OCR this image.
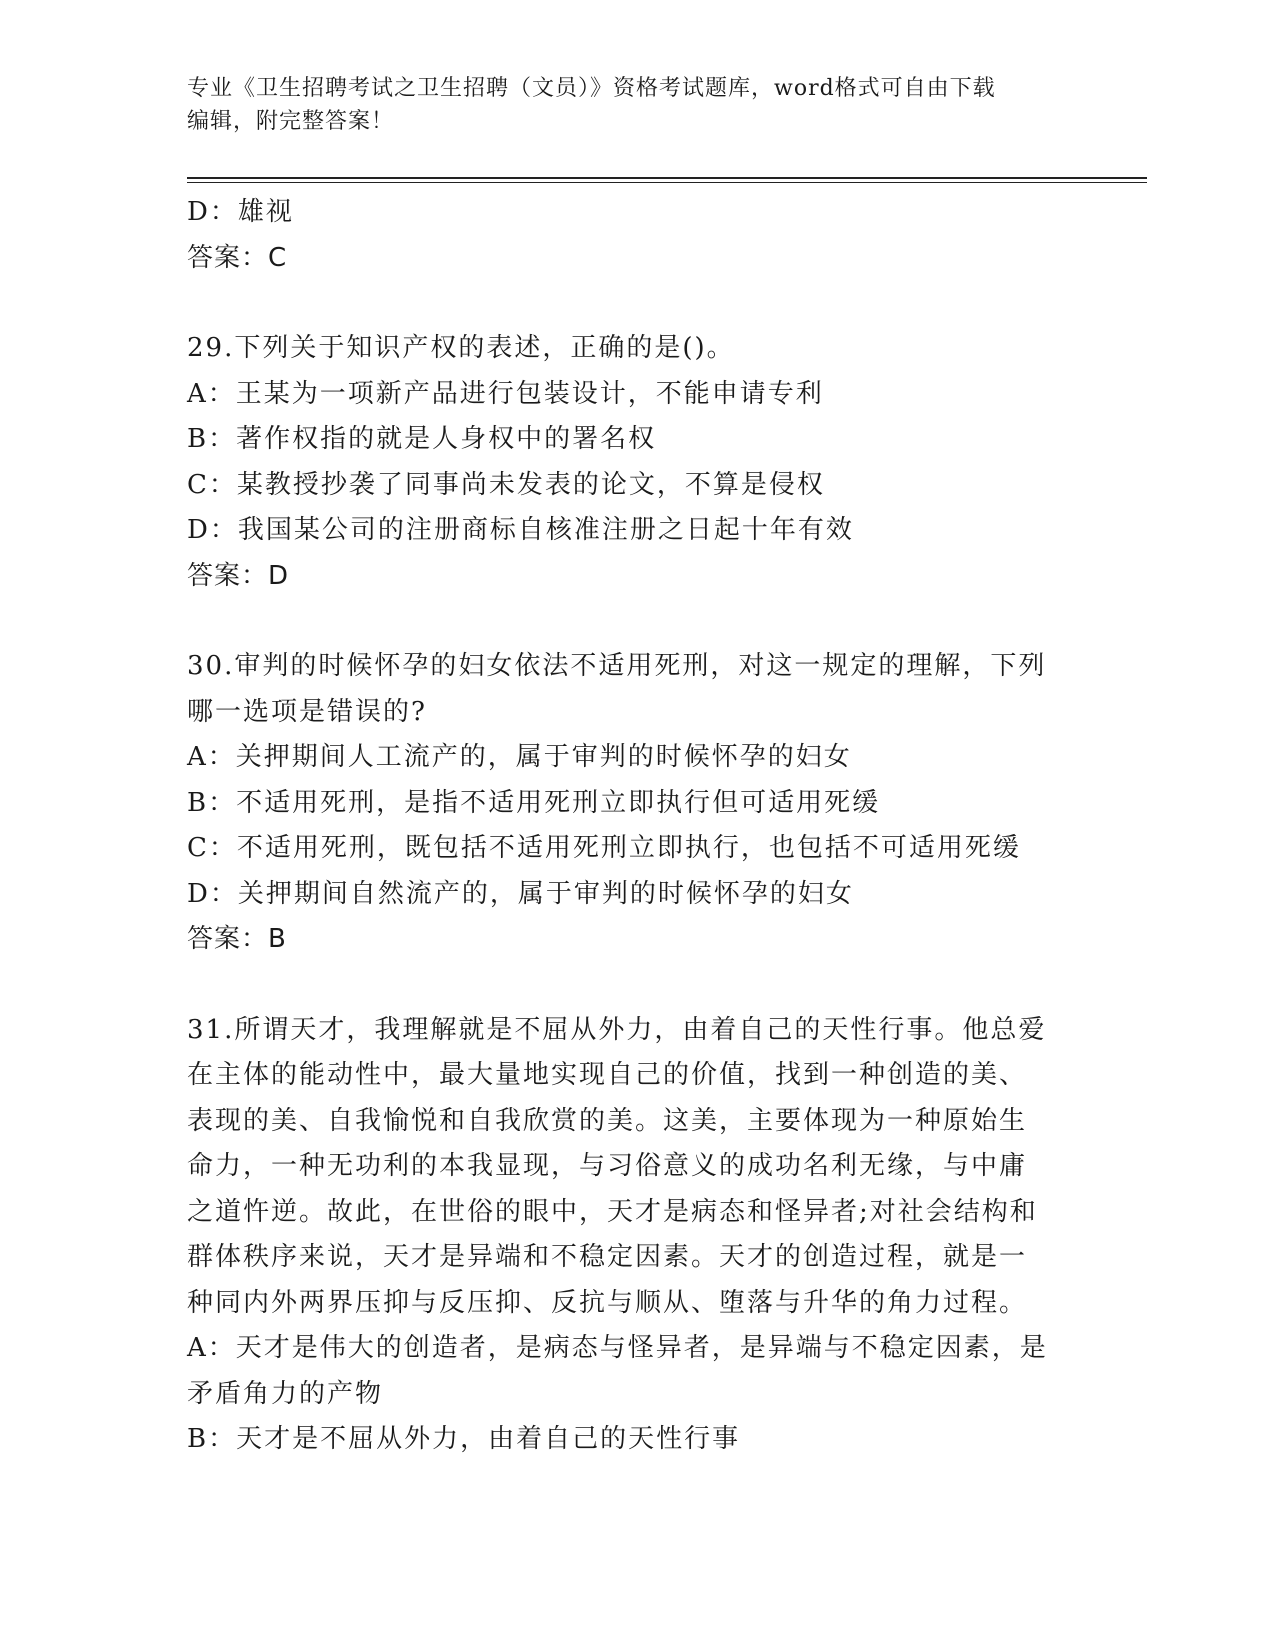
专业《卫生招聘考试之卫生招聘（文员）》资格考试题库，word格式可自由下载
编辑，附完整答案！
D：雄视
答案：C
29.下列关于知识产权的表述，正确的是()。
A：王某为一项新产品进行包装设计，不能申请专利
B：著作权指的就是人身权中的署名权
C：某教授抄袭了同事尚未发表的论文，不算是侵权
D：我国某公司的注册商标自核准注册之日起十年有效
答案：D
30.审判的时候怀孕的妇女依法不适用死刑，对这一规定的理解，下列
哪一选项是错误的?
A：关押期间人工流产的，属于审判的时候怀孕的妇女
B：不适用死刑，是指不适用死刑立即执行但可适用死缓
C：不适用死刑，既包括不适用死刑立即执行，也包括不可适用死缓
D：关押期间自然流产的，属于审判的时候怀孕的妇女
答案：B
31.所谓天才，我理解就是不屈从外力，由着自己的天性行事。他总爱
在主体的能动性中，最大量地实现自己的价值，找到一种创造的美、
表现的美、自我愉悦和自我欣赏的美。这美，主要体现为一种原始生
命力，一种无功利的本我显现，与习俗意义的成功名利无缘，与中庸
之道忤逆。故此，在世俗的眼中，天才是病态和怪异者;对社会结构和
群体秩序来说，天才是异端和不稳定因素。天才的创造过程，就是一
种同内外两界压抑与反压抑、反抗与顺从、堕落与升华的角力过程。
A：天才是伟大的创造者，是病态与怪异者，是异端与不稳定因素，是
矛盾角力的产物
B：天才是不屈从外力，由着自己的天性行事
